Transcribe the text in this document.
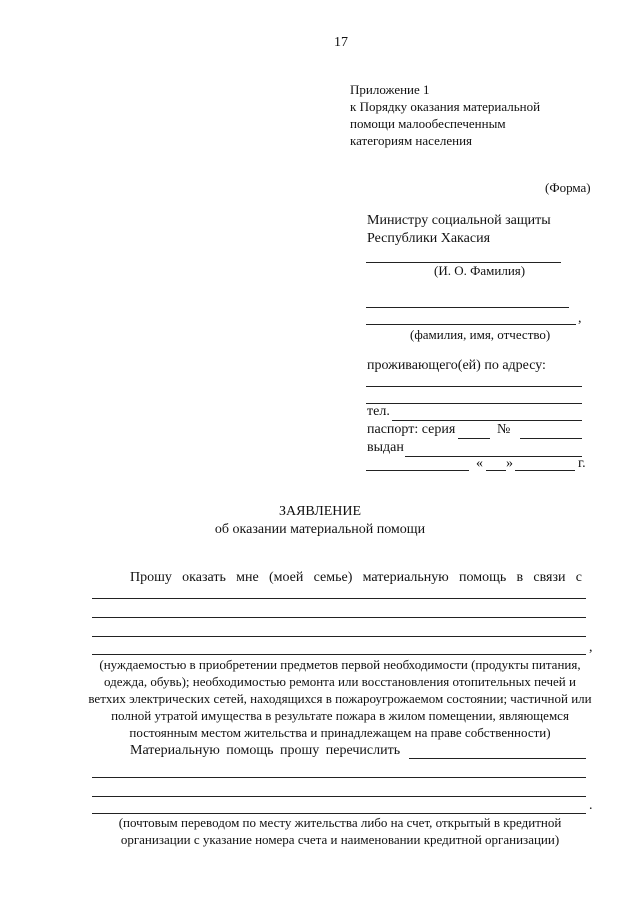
17
Приложение 1
к Порядку оказания материальной
помощи малообеспеченным
категориям населения
(Форма)
Министру социальной защиты
Республики Хакасия
(И. О. Фамилия)
,
(фамилия, имя, отчество)
проживающего(ей) по адресу:
тел.
паспорт: серия	№
выдан
« »	г.
ЗАЯВЛЕНИЕ
об оказании материальной помощи
Прошу оказать мне (моей семье) материальную помощь в связи с
,
(нуждаемостью в приобретении предметов первой необходимости (продукты питания,
одежда, обувь); необходимостью ремонта или восстановления отопительных печей и
ветхих электрических сетей, находящихся в пожароугрожаемом состоянии; частичной или
полной утратой имущества в результате пожара в жилом помещении, являющемся
постоянным местом жительства и принадлежащем на праве собственности)
Материальную помощь прошу перечислить
.
(почтовым переводом по месту жительства либо на счет, открытый в кредитной
организации с указание номера счета и наименовании кредитной организации)
